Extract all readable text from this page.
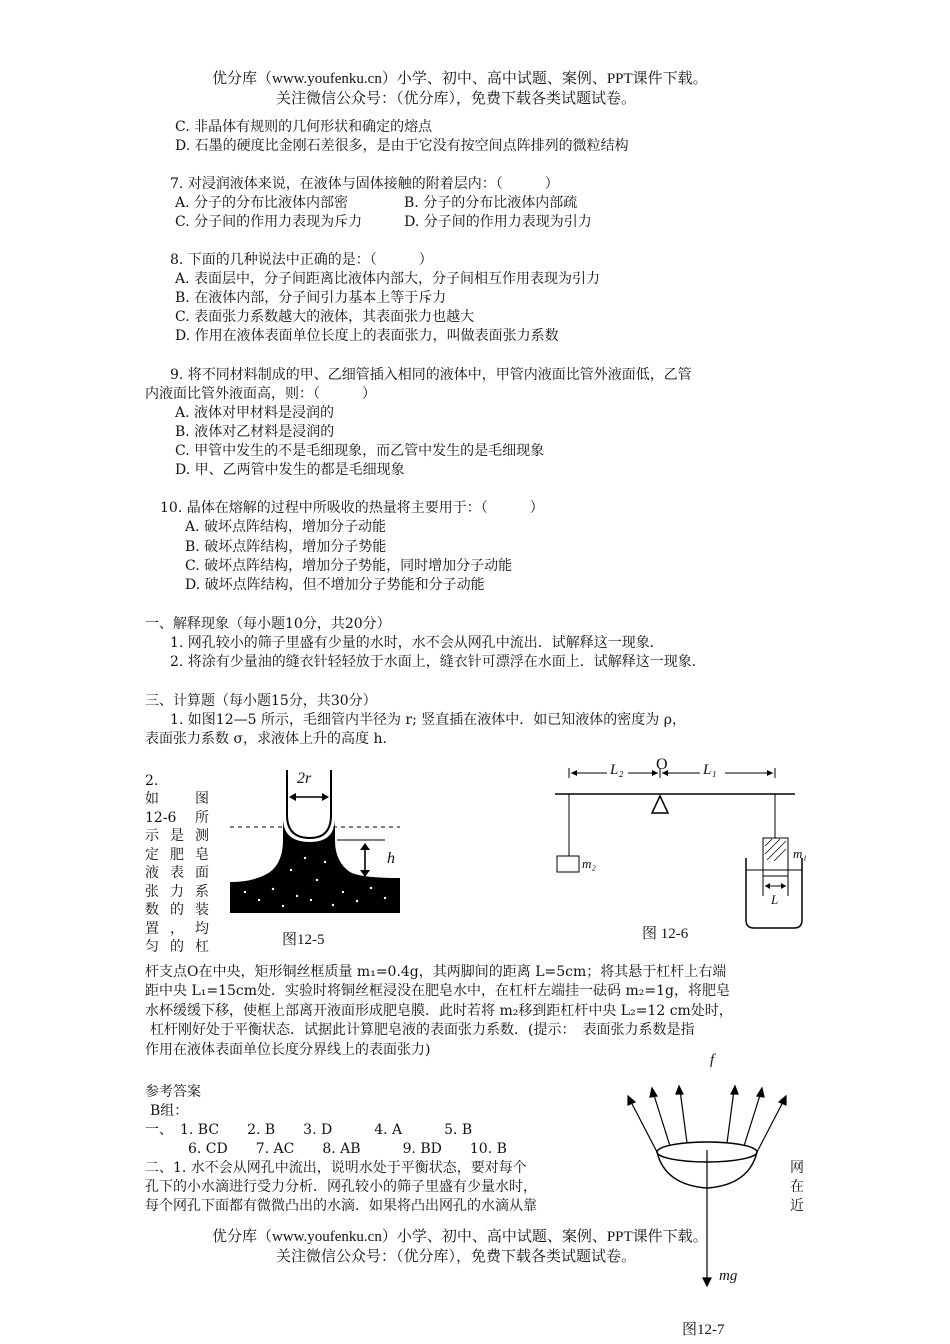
优分库（www.youfenku.cn）小学、初中、高中试题、案例、PPT课件下载。
关注微信公众号：（优分库），免费下载各类试题试卷。
C. 非晶体有规则的几何形状和确定的熔点
D. 石墨的硬度比金刚石差很多，是由于它没有按空间点阵排列的微粒结构
7. 对浸润液体来说，在液体与固体接触的附着层内：（　　　）
A. 分子的分布比液体内部密　　　　B. 分子的分布比液体内部疏
C. 分子间的作用力表现为斥力　　　D. 分子间的作用力表现为引力
8. 下面的几种说法中正确的是：（　　　）
A. 表面层中，分子间距离比液体内部大，分子间相互作用表现为引力
B. 在液体内部，分子间引力基本上等于斥力
C. 表面张力系数越大的液体，其表面张力也越大
D. 作用在液体表面单位长度上的表面张力，叫做表面张力系数
9. 将不同材料制成的甲、乙细管插入相同的液体中，甲管内液面比管外液面低，乙管
内液面比管外液面高，则：（　　　）
A. 液体对甲材料是浸润的
B. 液体对乙材料是浸润的
C. 甲管中发生的不是毛细现象，而乙管中发生的是毛细现象
D. 甲、乙两管中发生的都是毛细现象
10. 晶体在熔解的过程中所吸收的热量将主要用于：（　　　）
A. 破坏点阵结构，增加分子动能
B. 破坏点阵结构，增加分子势能
C. 破坏点阵结构，增加分子势能，同时增加分子动能
D. 破坏点阵结构，但不增加分子势能和分子动能
一、解释现象（每小题10分，共20分）
1. 网孔较小的筛子里盛有少量的水时，水不会从网孔中流出．试解释这一现象．
2. 将涂有少量油的缝衣针轻轻放于水面上，缝衣针可漂浮在水面上．试解释这一现象．
三、计算题（每小题15分，共30分）
1. 如图12—5 所示，毛细管内半径为 r; 竖直插在液体中．如已知液体的密度为 ρ，
表面张力系数 σ，求液体上升的高度 h.
2.
如　图
12-6 所
示是测
定肥皂
液表面
张力系
数的装
置，均
匀的杠
2r
h
图12-5
O
L₂	L₁
m₂
m₁
L
图 12-6
杆支点O在中央，矩形铜丝框质量 m₁=0.4g，其两脚间的距离 L=5cm；将其悬于杠杆上右端
距中央 L₁=15cm处．实验时将铜丝框浸没在肥皂水中，在杠杆左端挂一砝码 m₂=1g，将肥皂
水杯缓缓下移，使框上部离开液面形成肥皂膜．此时若将 m₂移到距杠杆中央 L₂=12 cm处时，
杠杆刚好处于平衡状态．试据此计算肥皂液的表面张力系数．(提示：　表面张力系数是指
作用在液体表面单位长度分界线上的表面张力)
参考答案
B组：
一、　1. BC　　2. B　　3. D　　　4. A　　　5. B
6. CD　　7. AC　　8. AB　　　9. BD　　10. B
二、1. 水不会从网孔中流出，说明水处于平衡状态，要对每个	网
孔下的小水滴进行受力分析．网孔较小的筛子里盛有少量水时，	在
每个网孔下面都有微微凸出的水滴．如果将凸出网孔的水滴从靠	近
f
mg
图12-7
优分库（www.youfenku.cn）小学、初中、高中试题、案例、PPT课件下载。
关注微信公众号：（优分库），免费下载各类试题试卷。
